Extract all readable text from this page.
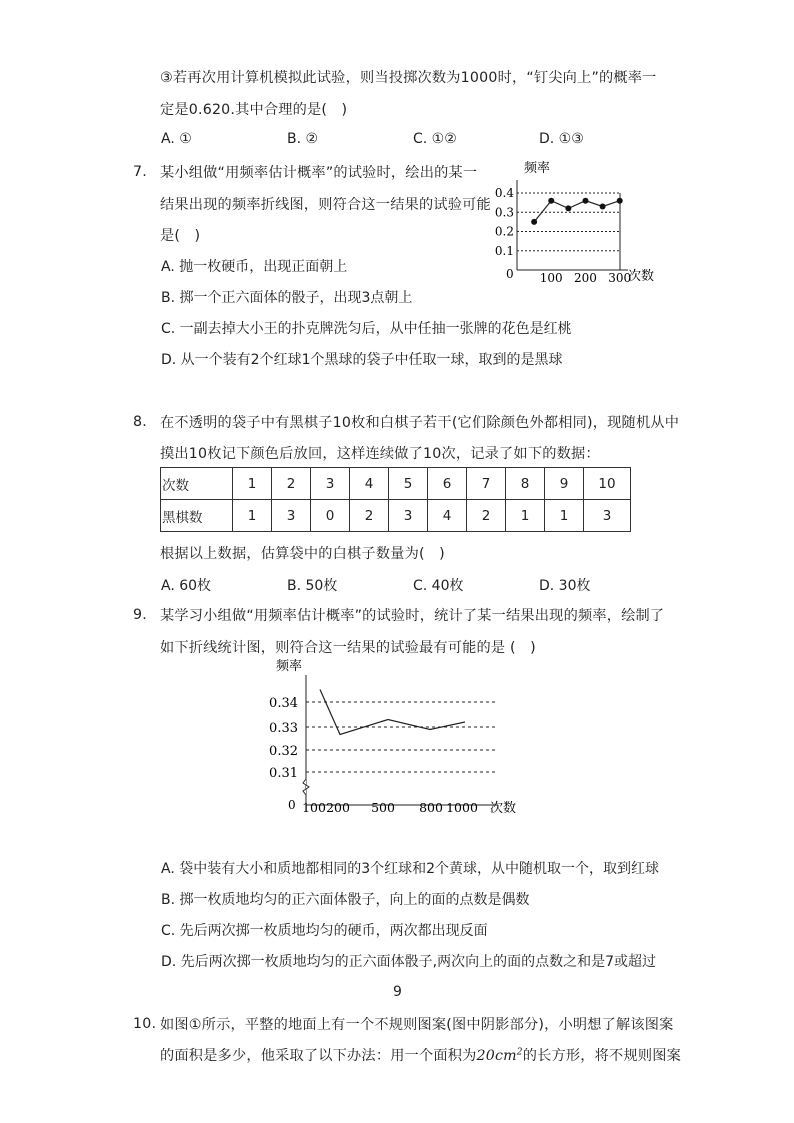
③若再次用计算机模拟此试验，则当投掷次数为1000时，“钉尖向上”的概率一
定是0.620.其中合理的是(　)
A. ①	B. ②	C. ①②	D. ①③
7. 某小组做“用频率估计概率”的试验时，绘出的某一
结果出现的频率折线图，则符合这一结果的试验可能
是(　)
A. 抛一枚硬币，出现正面朝上
B. 掷一个正六面体的骰子，出现3点朝上
C. 一副去掉大小王的扑克牌洗匀后，从中任抽一张牌的花色是红桃
D. 从一个装有2个红球1个黑球的袋子中任取一球，取到的是黑球
频率
0.4
0.3
0.2
0.1
100 200 300
0	次数
8. 在不透明的袋子中有黑棋子10枚和白棋子若干(它们除颜色外都相同)，现随机从中
摸出10枚记下颜色后放回，这样连续做了10次，记录了如下的数据：
次数	1	2	3	4	5	6	7	8	9	10
黑棋数	1	3	0	2	3	4	2	1	1	3
根据以上数据，估算袋中的白棋子数量为(　)
A. 60枚	B. 50枚	C. 40枚	D. 30枚
9. 某学习小组做“用频率估计概率”的试验时，统计了某一结果出现的频率，绘制了
如下折线统计图，则符合这一结果的试验最有可能的是 (　)
频率
0.34
0.33
0.32
0.31
100 200 500 800 1000
0	次数
A. 袋中装有大小和质地都相同的3个红球和2个黄球，从中随机取一个，取到红球
B. 掷一枚质地均匀的正六面体骰子，向上的面的点数是偶数
C. 先后两次掷一枚质地均匀的硬币，两次都出现反面
D. 先后两次掷一枚质地均匀的正六面体骰子,两次向上的面的点数之和是7或超过
9
10. 如图①所示，平整的地面上有一个不规则图案(图中阴影部分)，小明想了解该图案
的面积是多少，他采取了以下办法：用一个面积为$20cm^2$的长方形，将不规则图案
